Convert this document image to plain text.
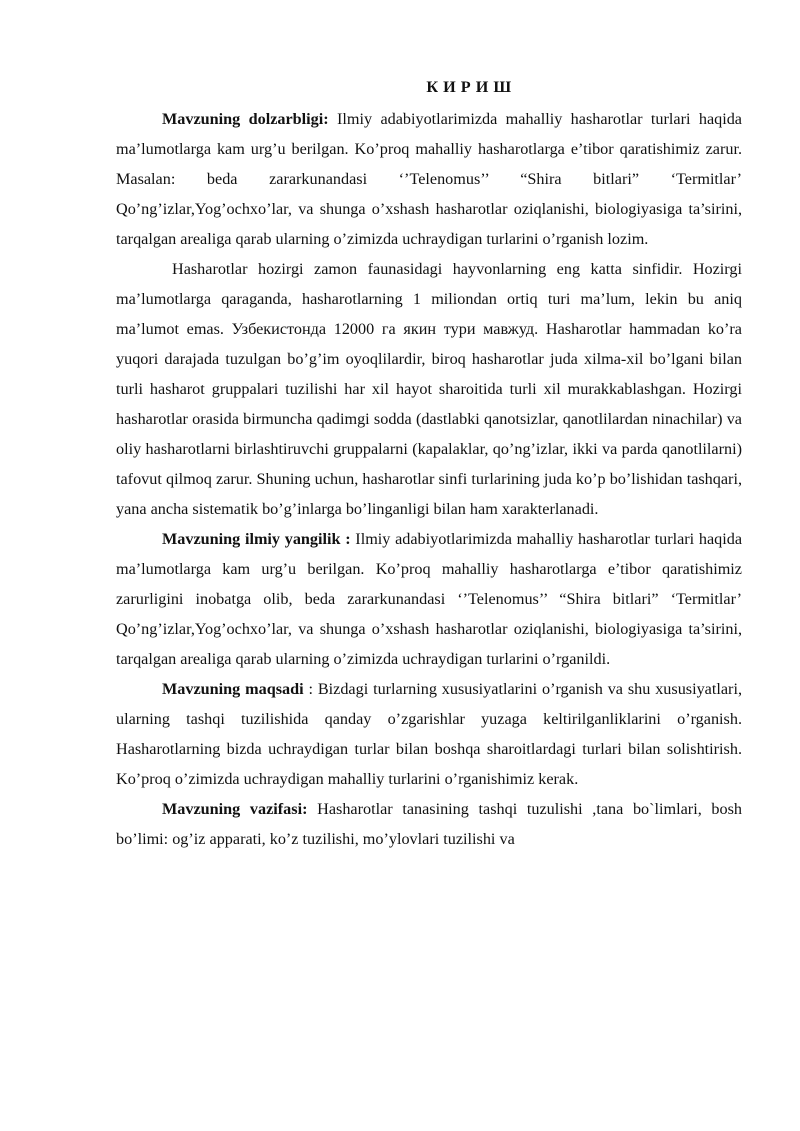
К И Р И Ш

Mavzuning dolzarbligi: Ilmiy adabiyotlarimizda mahalliy hasharotlar turlari haqida ma’lumotlarga kam urg’u berilgan. Ko’proq mahalliy hasharotlarga e’tibor qaratishimiz zarur. Masalan: beda zararkunandasi ‘’Telenomus’’ “Shira bitlari” ‘Termitlar’ Qo’ng’izlar,Yog’ochxo’lar, va shunga o’xshash hasharotlar oziqlanishi, biologiyasiga ta’sirini, tarqalgan arealiga qarab ularning o’zimizda uchraydigan turlarini o’rganish lozim.

Hasharotlar hozirgi zamon faunasidagi hayvonlarning eng katta sinfidir. Hozirgi ma’lumotlarga qaraganda, hasharotlarning 1 miliondan ortiq turi ma’lum, lekin bu aniq ma’lumot emas. Узбекистонда 12000 га якин тури мавжуд. Hasharotlar hammadan ko’ra yuqori darajada tuzulgan bo’g’im oyoqlilardir, biroq hasharotlar juda xilma-xil bo’lgani bilan turli hasharot gruppalari tuzilishi har xil hayot sharoitida turli xil murakkablashgan. Hozirgi hasharotlar orasida birmuncha qadimgi sodda (dastlabki qanotsizlar, qanotlilardan ninachilar) va oliy hasharotlarni birlashtiruvchi gruppalarni (kapalaklar, qo’ng’izlar, ikki va parda qanotlilarni) tafovut qilmoq zarur. Shuning uchun, hasharotlar sinfi turlarining juda ko’p bo’lishidan tashqari, yana ancha sistematik bo’g’inlarga bo’linganligi bilan ham xarakterlanadi.

Mavzuning ilmiy yangilik : Ilmiy adabiyotlarimizda mahalliy hasharotlar turlari haqida ma’lumotlarga kam urg’u berilgan. Ko’proq mahalliy hasharotlarga e’tibor qaratishimiz zarurligini inobatga olib, beda zararkunandasi ‘’Telenomus’’ “Shira bitlari” ‘Termitlar’ Qo’ng’izlar,Yog’ochxo’lar, va shunga o’xshash hasharotlar oziqlanishi, biologiyasiga ta’sirini, tarqalgan arealiga qarab ularning o’zimizda uchraydigan turlarini o’rganildi.

Mavzuning maqsadi : Bizdagi turlarning xususiyatlarini o’rganish va shu xususiyatlari, ularning tashqi tuzilishida qanday o’zgarishlar yuzaga keltirilganliklarini o’rganish. Hasharotlarning bizda uchraydigan turlar bilan boshqa sharoitlardagi turlari bilan solishtirish. Ko’proq o’zimizda uchraydigan mahalliy turlarini o’rganishimiz kerak.

Mavzuning vazifasi: Hasharotlar tanasining tashqi tuzulishi ,tana bo`limlari, bosh bo’limi: og’iz apparati, ko’z tuzilishi, mo’ylovlari tuzilishi va
